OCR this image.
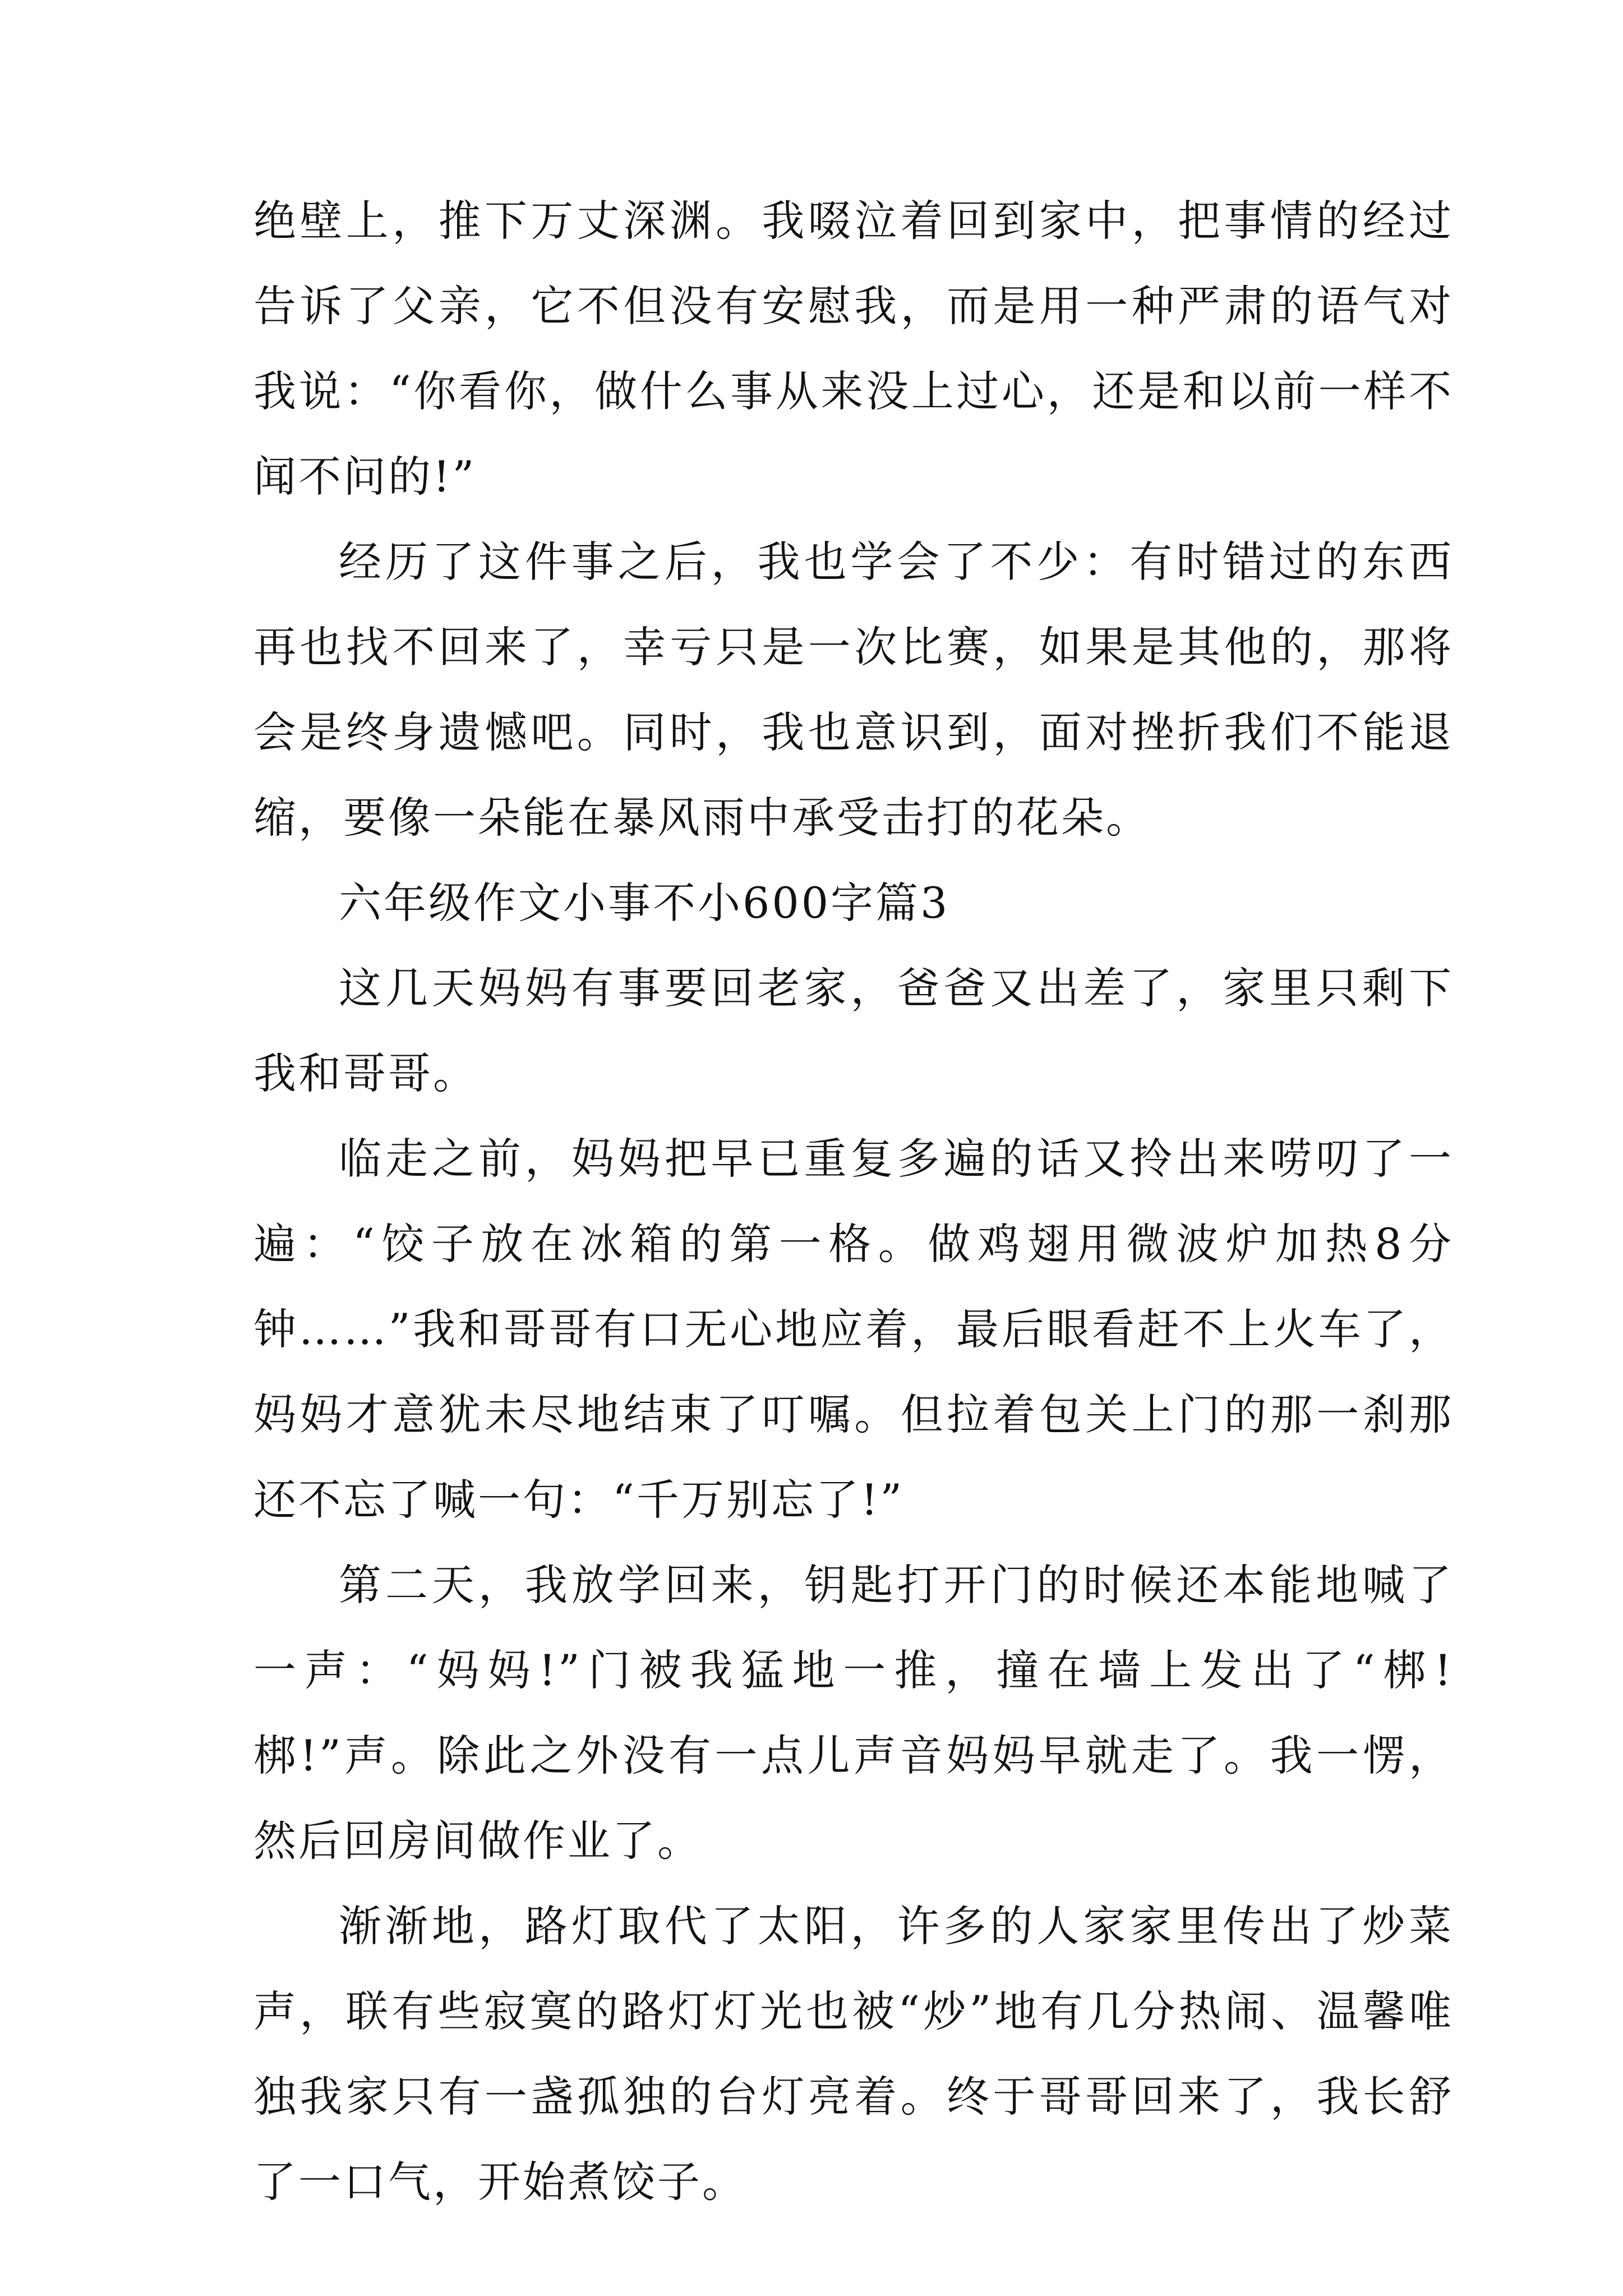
绝壁上，推下万丈深渊。我啜泣着回到家中，把事情的经过告诉了父亲，它不但没有安慰我，而是用一种严肃的语气对我说：“你看你，做什么事从来没上过心，还是和以前一样不闻不问的!”

经历了这件事之后，我也学会了不少：有时错过的东西再也找不回来了，幸亏只是一次比赛，如果是其他的，那将会是终身遗憾吧。同时，我也意识到，面对挫折我们不能退缩，要像一朵能在暴风雨中承受击打的花朵。

六年级作文小事不小600字篇3

这几天妈妈有事要回老家，爸爸又出差了，家里只剩下我和哥哥。

临走之前，妈妈把早已重复多遍的话又拎出来唠叨了一遍：“饺子放在冰箱的第一格。做鸡翅用微波炉加热8分钟……”我和哥哥有口无心地应着，最后眼看赶不上火车了，妈妈才意犹未尽地结束了叮嘱。但拉着包关上门的那一刹那还不忘了喊一句：“千万别忘了!”

第二天，我放学回来，钥匙打开门的时候还本能地喊了一声：“妈妈!”门被我猛地一推，撞在墙上发出了“梆!梆!”声。除此之外没有一点儿声音妈妈早就走了。我一愣，然后回房间做作业了。

渐渐地，路灯取代了太阳，许多的人家家里传出了炒菜声，联有些寂寞的路灯灯光也被“炒”地有几分热闹、温馨唯独我家只有一盏孤独的台灯亮着。终于哥哥回来了，我长舒了一口气，开始煮饺子。
